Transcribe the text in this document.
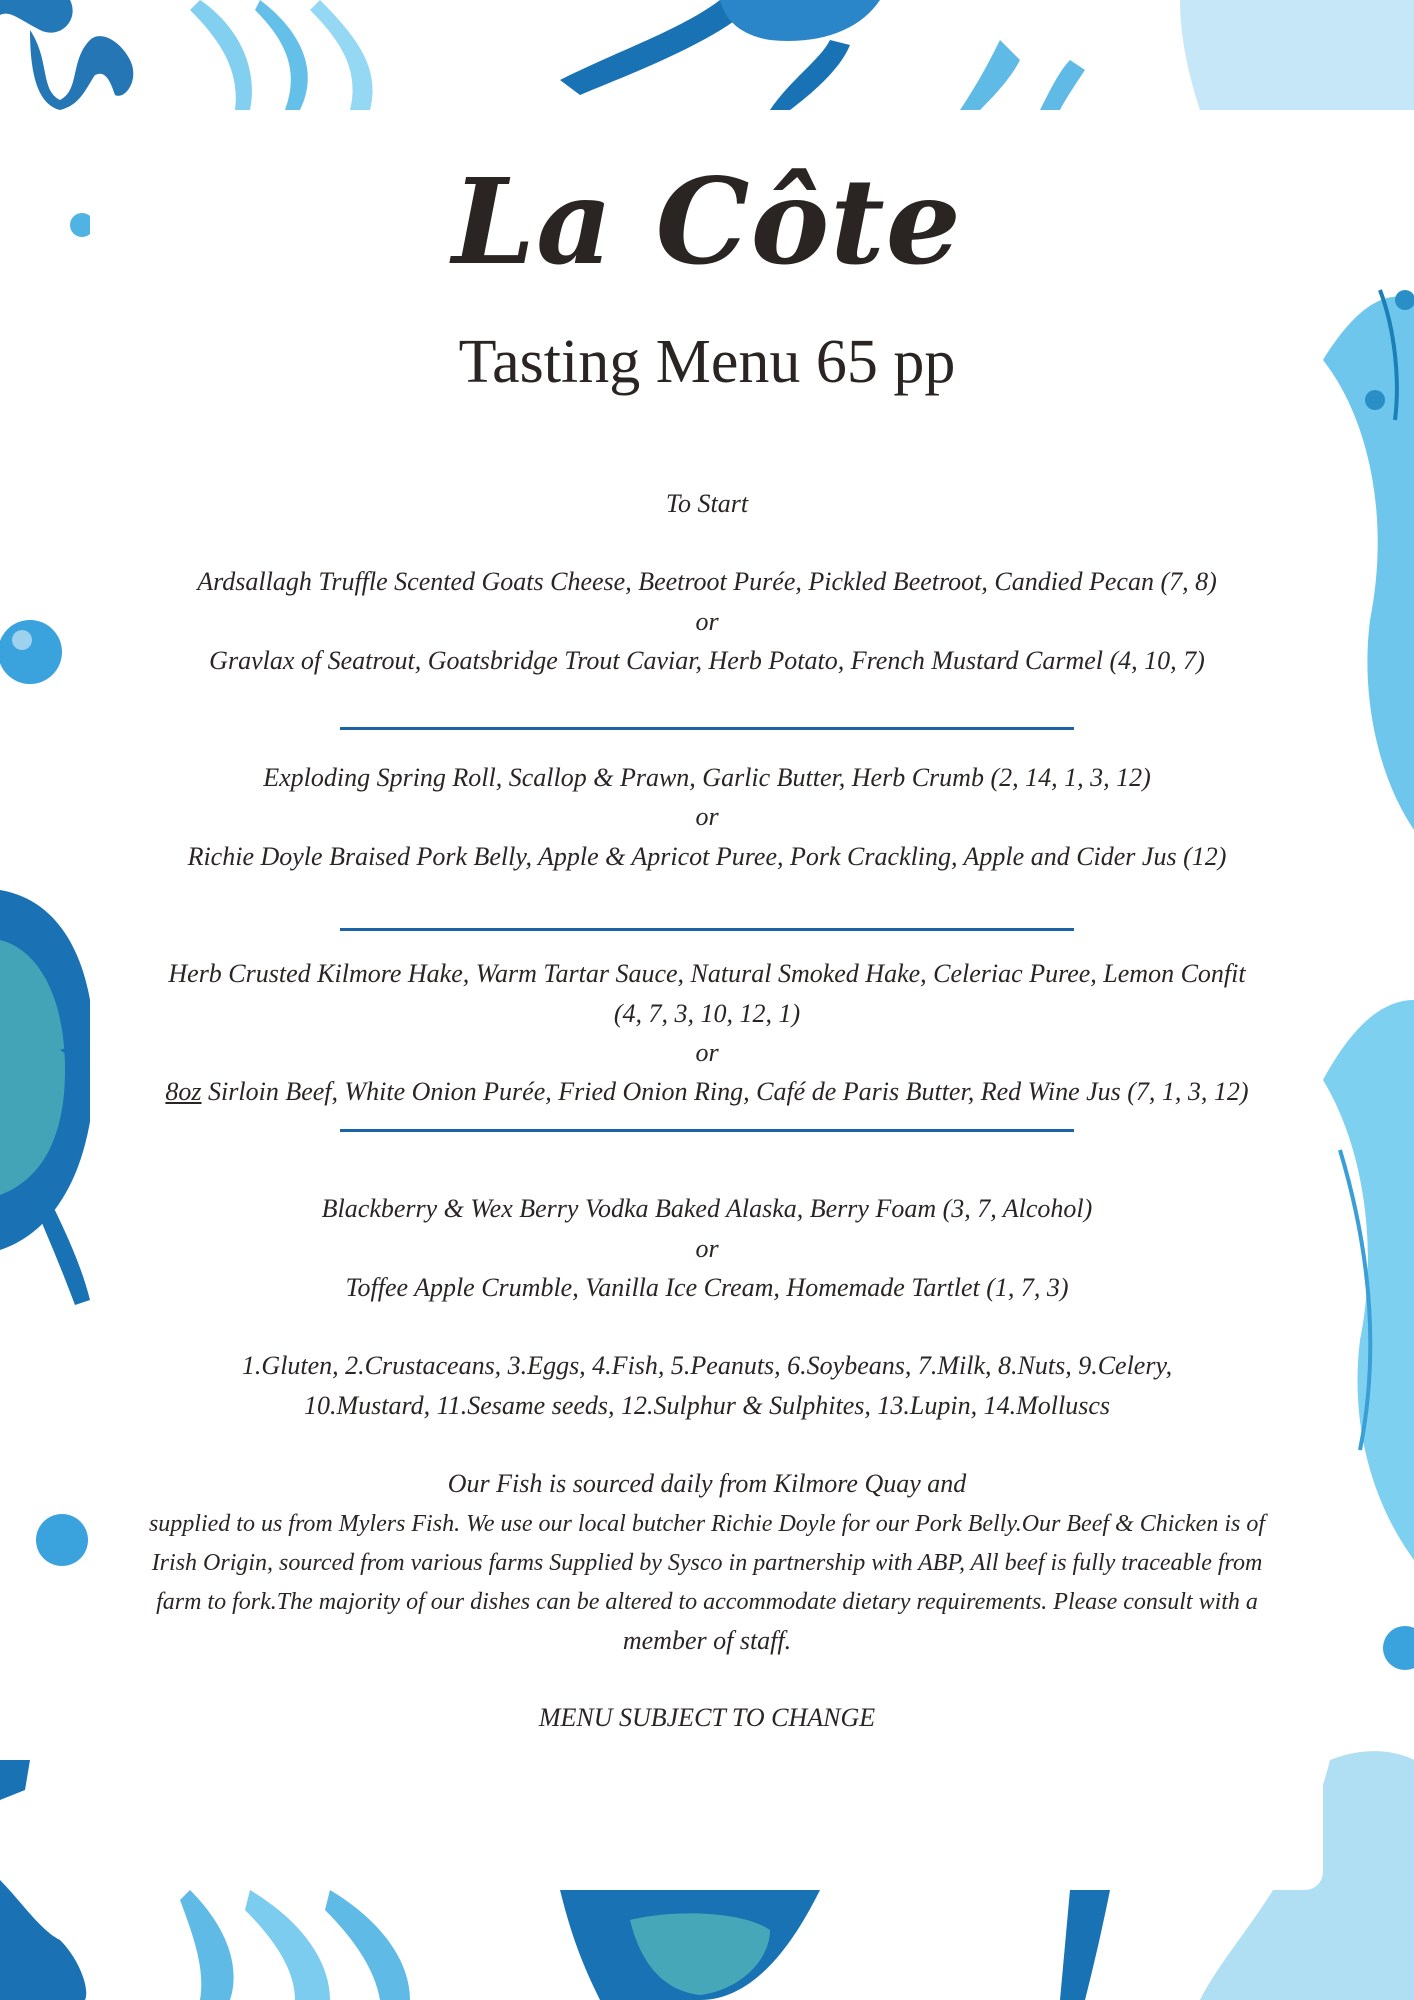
La Côte
Tasting Menu 65 pp
To Start
Ardsallagh Truffle Scented Goats Cheese, Beetroot Purée, Pickled Beetroot, Candied Pecan (7, 8)
or
Gravlax of Seatrout, Goatsbridge Trout Caviar, Herb Potato, French Mustard Carmel (4, 10, 7)
Exploding Spring Roll, Scallop & Prawn, Garlic Butter, Herb Crumb (2, 14, 1, 3, 12)
or
Richie Doyle Braised Pork Belly, Apple & Apricot Puree, Pork Crackling, Apple and Cider Jus (12)
Herb Crusted Kilmore Hake, Warm Tartar Sauce, Natural Smoked Hake, Celeriac Puree, Lemon Confit
(4, 7, 3, 10, 12, 1)
or
8oz Sirloin Beef, White Onion Purée, Fried Onion Ring, Café de Paris Butter, Red Wine Jus (7, 1, 3, 12)
Blackberry & Wex Berry Vodka Baked Alaska, Berry Foam (3, 7, Alcohol)
or
Toffee Apple Crumble, Vanilla Ice Cream, Homemade Tartlet (1, 7, 3)
1.Gluten, 2.Crustaceans, 3.Eggs, 4.Fish, 5.Peanuts, 6.Soybeans, 7.Milk, 8.Nuts, 9.Celery,
10.Mustard, 11.Sesame seeds, 12.Sulphur & Sulphites, 13.Lupin, 14.Molluscs
Our Fish is sourced daily from Kilmore Quay and
supplied to us from Mylers Fish. We use our local butcher Richie Doyle for our Pork Belly.Our Beef & Chicken is of
Irish Origin, sourced from various farms Supplied by Sysco in partnership with ABP, All beef is fully traceable from
farm to fork.The majority of our dishes can be altered to accommodate dietary requirements. Please consult with a
member of staff.
MENU SUBJECT TO CHANGE
